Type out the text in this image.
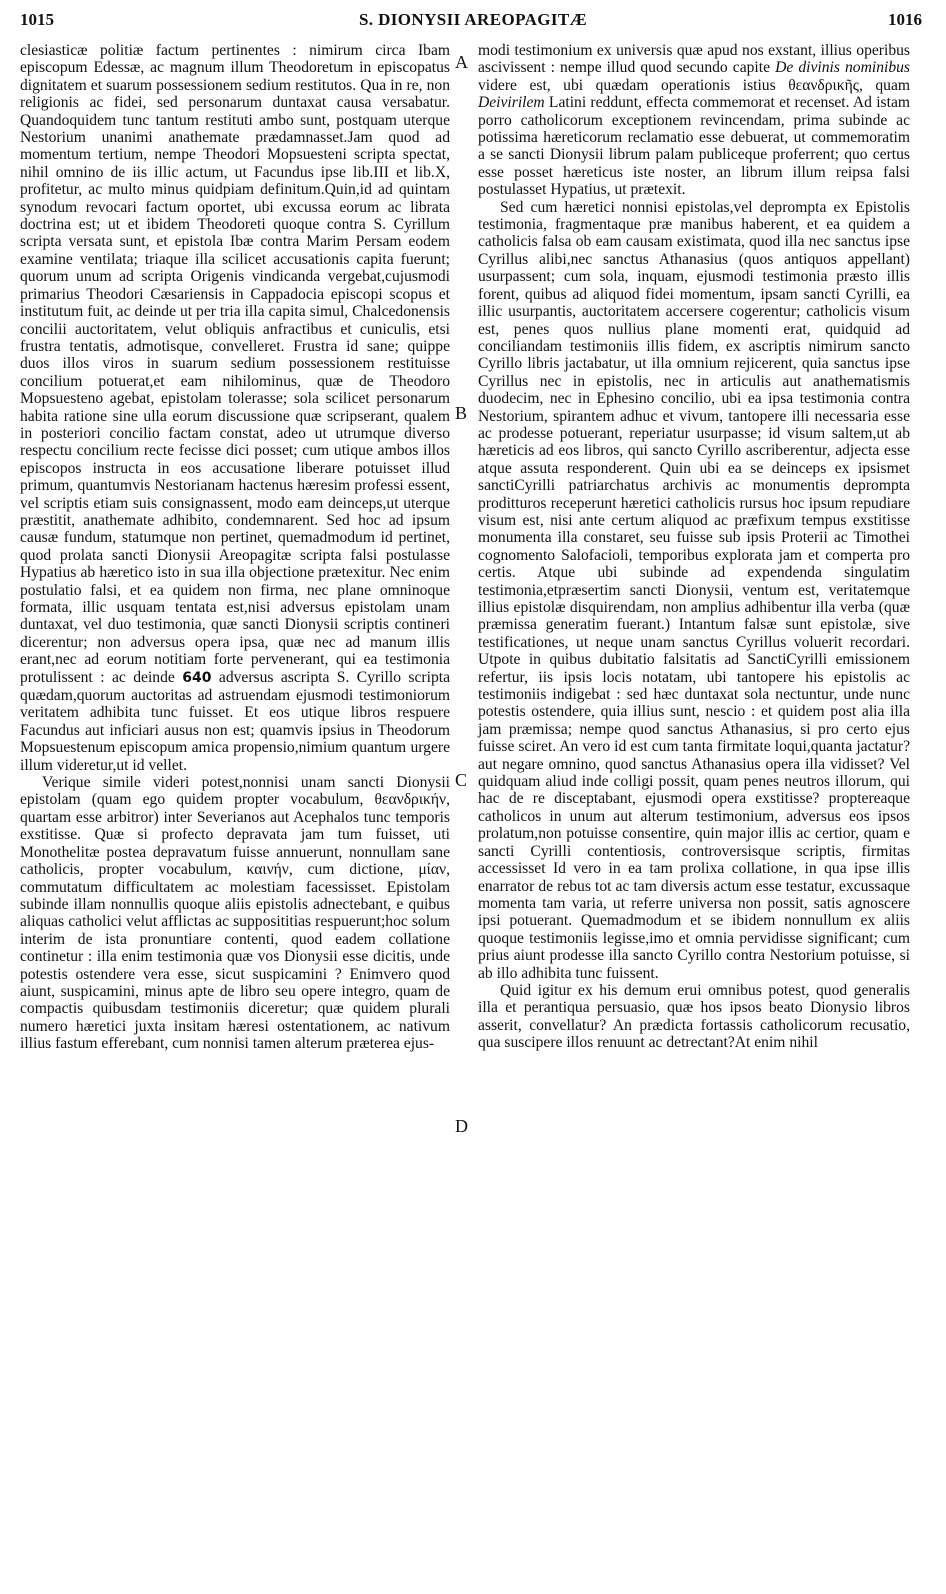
1015	S. DIONYSII AREOPAGITÆ	1016

clesiasticæ politiæ factum pertinentes : nimirum circa Ibam episcopum Edessæ, ac magnum illum Theodoretum in episcopatus dignitatem et suarum possessionem sedium restitutos. Qua in re, non religionis ac fidei, sed personarum duntaxat causa versabatur. Quandoquidem tunc tantum restituti ambo sunt, postquam uterque Nestorium unanimi anathemate prædamnasset.Jam quod ad momentum tertium, nempe Theodori Mopsuesteni scripta spectat, nihil omnino de iis illic actum, ut Facundus ipse lib.III et lib.X, profitetur, ac multo minus quidpiam definitum.Quin,id ad quintam synodum revocari factum oportet, ubi excussa eorum ac librata doctrina est; ut et ibidem Theodoreti quoque contra S. Cyrillum scripta versata sunt, et epistola Ibæ contra Marim Persam eodem examine ventilata; triaque illa scilicet accusationis capita fuerunt; quorum unum ad scripta Origenis vindicanda vergebat,cujusmodi primarius Theodori Cæsariensis in Cappadocia episcopi scopus et institutum fuit, ac deinde ut per tria illa capita simul, Chalcedonensis concilii auctoritatem, velut obliquis anfractibus et cuniculis, etsi frustra tentatis, admotisque, convelleret. Frustra id sane; quippe duos illos viros in suarum sedium possessionem restituisse concilium potuerat,et eam nihilominus, quæ de Theodoro Mopsuesteno agebat, epistolam tolerasse; sola scilicet personarum habita ratione sine ulla eorum discussione quæ scripserant, qualem in posteriori concilio factam constat, adeo ut utrumque diverso respectu concilium recte fecisse dici posset; cum utique ambos illos episcopos instructa in eos accusatione liberare potuisset illud primum, quantumvis Nestorianam hactenus hæresim professi essent, vel scriptis etiam suis consignassent, modo eam deinceps,ut uterque præstitit, anathemate adhibito, condemnarent. Sed hoc ad ipsum causæ fundum, statumque non pertinet, quemadmodum id pertinet, quod prolata sancti Dionysii Areopagitæ scripta falsi postulasse Hypatius ab hæretico isto in sua illa objectione prætexitur. Nec enim postulatio falsi, et ea quidem non firma, nec plane omninoque formata, illic usquam tentata est,nisi adversus epistolam unam duntaxat, vel duo testimonia, quæ sancti Dionysii scriptis contineri dicerentur; non adversus opera ipsa, quæ nec ad manum illis erant,nec ad eorum notitiam forte pervenerant, qui ea testimonia protulissent : ac deinde 640 adversus ascripta S. Cyrillo scripta quædam,quorum auctoritas ad astruendam ejusmodi testimoniorum veritatem adhibita tunc fuisset. Et eos utique libros respuere Facundus aut inficiari ausus non est; quamvis ipsius in Theodorum Mopsuestenum episcopum amica propensio,nimium quantum urgere illum videretur,ut id vellet.

Verique simile videri potest,nonnisi unam sancti Dionysii epistolam (quam ego quidem propter vocabulum, θεανδρικήν, quartam esse arbitror) inter Severianos aut Acephalos tunc temporis exstitisse. Quæ si profecto depravata jam tum fuisset, uti Monothelitæ postea depravatum fuisse annuerunt, nonnullam sane catholicis, propter vocabulum, καινήν, cum dictione, μίαν, commutatum difficultatem ac molestiam facessisset. Epistolam subinde illam nonnullis quoque aliis epistolis adnectebant, e quibus aliquas catholici velut afflictas ac supposititias respuerunt;hoc solum interim de ista pronuntiare contenti, quod eadem collatione continetur : illa enim testimonia quæ vos Dionysii esse dicitis, unde potestis ostendere vera esse, sicut suspicamini ? Enimvero quod aiunt, suspicamini, minus apte de libro seu opere integro, quam de compactis quibusdam testimoniis diceretur; quæ quidem plurali numero hæretici juxta insitam hæresi ostentationem, ac nativum illius fastum efferebant, cum nonnisi tamen alterum præterea ejus-

A
B
C
D

modi testimonium ex universis quæ apud nos exstant, illius operibus ascivissent : nempe illud quod secundo capite De divinis nominibus videre est, ubi quædam operationis istius θεανδρικῆς, quam Deivirilem Latini reddunt, effecta commemorat et recenset. Ad istam porro catholicorum exceptionem revincendam, prima subinde ac potissima hæreticorum reclamatio esse debuerat, ut commemoratim a se sancti Dionysii librum palam publiceque proferrent; quo certus esse posset hæreticus iste noster, an librum illum reipsa falsi postulasset Hypatius, ut prætexit.

Sed cum hæretici nonnisi epistolas,vel deprompta ex Epistolis testimonia, fragmentaque præ manibus haberent, et ea quidem a catholicis falsa ob eam causam existimata, quod illa nec sanctus ipse Cyrillus alibi,nec sanctus Athanasius (quos antiquos appellant) usurpassent; cum sola, inquam, ejusmodi testimonia præsto illis forent, quibus ad aliquod fidei momentum, ipsam sancti Cyrilli, ea illic usurpantis, auctoritatem accersere cogerentur; catholicis visum est, penes quos nullius plane momenti erat, quidquid ad conciliandam testimoniis illis fidem, ex ascriptis nimirum sancto Cyrillo libris jactabatur, ut illa omnium rejicerent, quia sanctus ipse Cyrillus nec in epistolis, nec in articulis aut anathematismis duodecim, nec in Ephesino concilio, ubi ea ipsa testimonia contra Nestorium, spirantem adhuc et vivum, tantopere illi necessaria esse ac prodesse potuerant, reperiatur usurpasse; id visum saltem,ut ab hæreticis ad eos libros, qui sancto Cyrillo ascriberentur, adjecta esse atque assuta responderent. Quin ubi ea se deinceps ex ipsismet sanctiCyrilli patriarchatus archivis ac monumentis deprompta proditturos receperunt hæretici catholicis rursus hoc ipsum repudiare visum est, nisi ante certum aliquod ac præfixum tempus exstitisse monumenta illa constaret, seu fuisse sub ipsis Proterii ac Timothei cognomento Salofacioli, temporibus explorata jam et comperta pro certis. Atque ubi subinde ad expendenda singulatim testimonia,etpræsertim sancti Dionysii, ventum est, veritatemque illius epistolæ disquirendam, non amplius adhibentur illa verba (quæ præmissa generatim fuerant.) Intantum falsæ sunt epistolæ, sive testificationes, ut neque unam sanctus Cyrillus voluerit recordari. Utpote in quibus dubitatio falsitatis ad SanctiCyrilli emissionem refertur, iis ipsis locis notatam, ubi tantopere his epistolis ac testimoniis indigebat : sed hæc duntaxat sola nectuntur, unde nunc potestis ostendere, quia illius sunt, nescio : et quidem post alia illa jam præmissa; nempe quod sanctus Athanasius, si pro certo ejus fuisse sciret. An vero id est cum tanta firmitate loqui,quanta jactatur? aut negare omnino, quod sanctus Athanasius opera illa vidisset? Vel quidquam aliud inde colligi possit, quam penes neutros illorum, qui hac de re disceptabant, ejusmodi opera exstitisse? proptereaque catholicos in unum aut alterum testimonium, adversus eos ipsos prolatum,non potuisse consentire, quin major illis ac certior, quam e sancti Cyrilli contentiosis, controversisque scriptis, firmitas accessisset Id vero in ea tam prolixa collatione, in qua ipse illis enarrator de rebus tot ac tam diversis actum esse testatur, excussaque momenta tam varia, ut referre universa non possit, satis agnoscere ipsi potuerant. Quemadmodum et se ibidem nonnullum ex aliis quoque testimoniis legisse,imo et omnia pervidisse significant; cum prius aiunt prodesse illa sancto Cyrillo contra Nestorium potuisse, si ab illo adhibita tunc fuissent.

Quid igitur ex his demum erui omnibus potest, quod generalis illa et perantiqua persuasio, quæ hos ipsos beato Dionysio libros asserit, convellatur? An prædicta fortassis catholicorum recusatio, qua suscipere illos renuunt ac detrectant?At enim nihil
